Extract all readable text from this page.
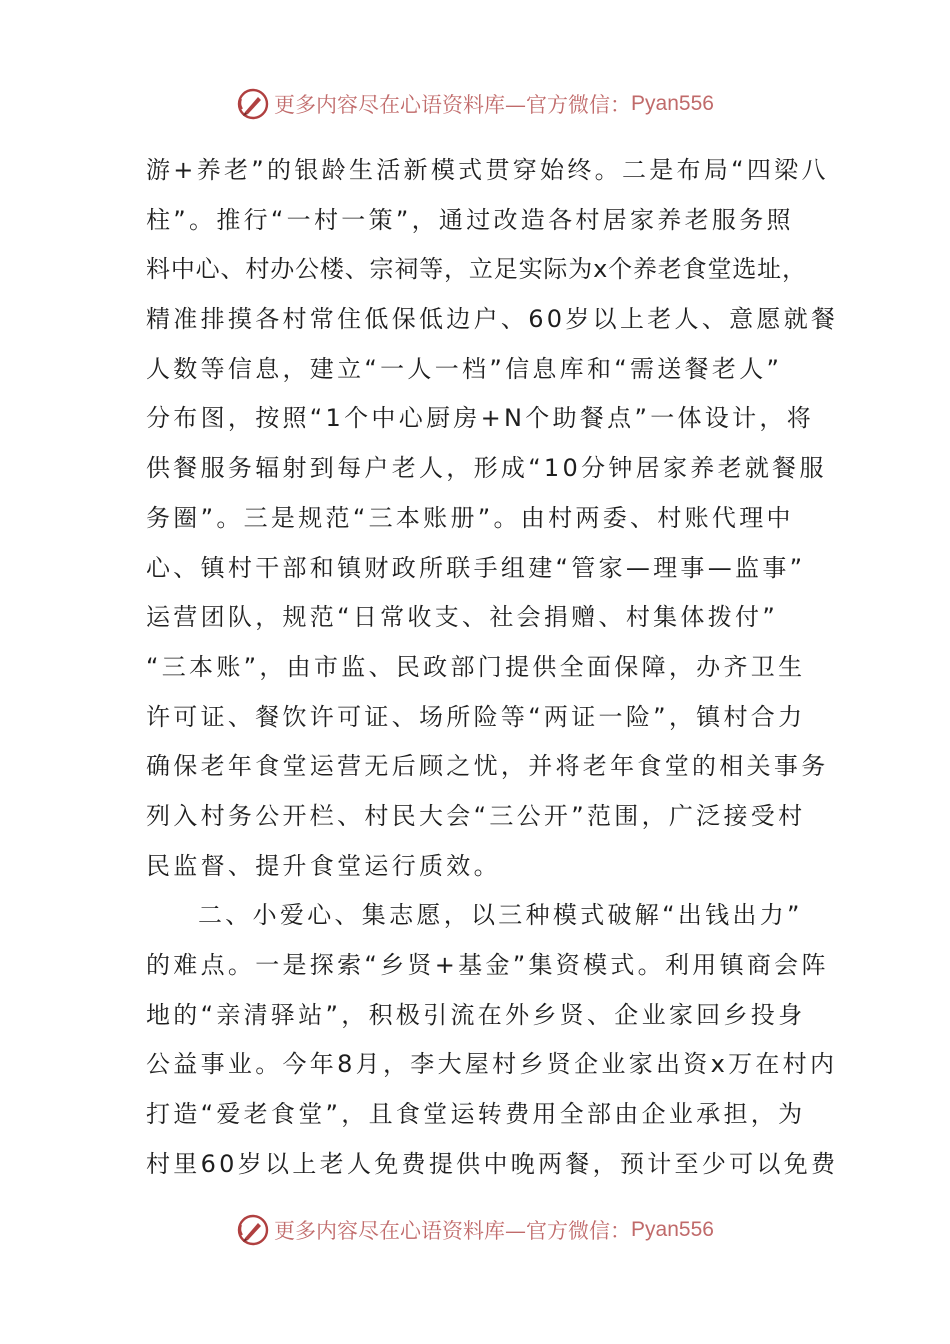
更多内容尽在心语资料库—官方微信： Pyan556
游+养老”的银龄生活新模式贯穿始终。二是布局“四梁八
柱”。推行“一村一策”，通过改造各村居家养老服务照
料中心、村办公楼、宗祠等，立足实际为x个养老食堂选址，
精准排摸各村常住低保低边户、60岁以上老人、意愿就餐
人数等信息，建立“一人一档”信息库和“需送餐老人”
分布图，按照“1个中心厨房+N个助餐点”一体设计，将
供餐服务辐射到每户老人，形成“10分钟居家养老就餐服
务圈”。三是规范“三本账册”。由村两委、村账代理中
心、镇村干部和镇财政所联手组建“管家—理事—监事”
运营团队，规范“日常收支、社会捐赠、村集体拨付”
“三本账”，由市监、民政部门提供全面保障，办齐卫生
许可证、餐饮许可证、场所险等“两证一险”，镇村合力
确保老年食堂运营无后顾之忧，并将老年食堂的相关事务
列入村务公开栏、村民大会“三公开”范围，广泛接受村
民监督、提升食堂运行质效。
二、小爱心、集志愿，以三种模式破解“出钱出力”
的难点。一是探索“乡贤+基金”集资模式。利用镇商会阵
地的“亲清驿站”，积极引流在外乡贤、企业家回乡投身
公益事业。今年8月，李大屋村乡贤企业家出资x万在村内
打造“爱老食堂”，且食堂运转费用全部由企业承担，为
村里60岁以上老人免费提供中晚两餐，预计至少可以免费
更多内容尽在心语资料库—官方微信： Pyan556
